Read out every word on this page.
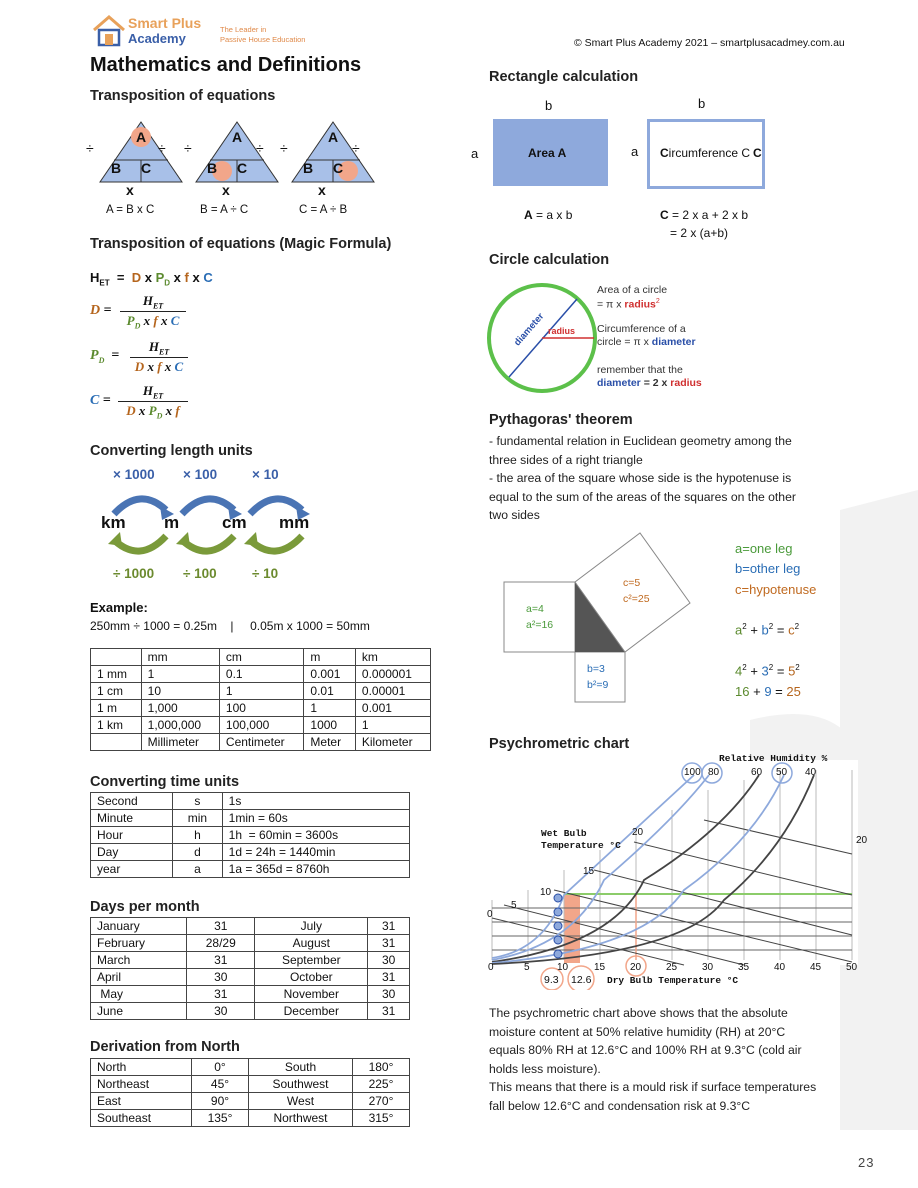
Smart Plus
Academy
The Leader in
Passive House Education	© Smart Plus Academy 2021 – smartplusacadmey.com.au
Mathematics and Definitions
Transposition of equations
A
B C
÷	÷
x
A = B x C
A
B C
÷	÷
x
B = A ÷ C
A
B C
÷	÷
x
C = A ÷ B
Transposition of equations (Magic Formula)
$H_{ET} = D$ x $P_D$ x f x C
D =
$H_{ET}$
$P_D$ x f x C
$P_D$ =
$H_{ET}$
D x f x C
C =
$H_{ET}$
D x $P_D$ x f
Converting length units
× 1000 × 100	× 10
km m	cm mm
÷ 1000 ÷ 100	÷ 10
Example:
250mm ÷ 1000 = 0.25m    |     0.05m x 1000 = 50mm
	mm	cm	m	km
1 mm	1	0.1	0.001	0.000001
1 cm	10	1	0.01	0.00001
1 m	1,000	100	1	0.001
1 km	1,000,000	100,000	1000	1
	Millimeter	Centimeter	Meter	Kilometer
Converting time units
Second	s	1s
Minute	min	1min = 60s
Hour	h	1h  = 60min = 3600s
Day	d	1d = 24h = 1440min
year	a	1a = 365d = 8760h
Days per month
January	31	July	31
February	28/29	August	31
March	31	September	30
April	30	October	31
May	31	November	30
June	30	December	31
Derivation from North
North	0°	South	180°
Northeast	45°	Southwest	225°
East	90°	West	270°
Southeast	135°	Northwest	315°
Rectangle calculation
b	b
a	a
Area A	Circumference C C
A = a x b	C = 2 x a + 2 x b
= 2 x (a+b)
Circle calculation
diameter radius
Area of a circle
= π x radius$^2$
Circumference of a
circle = π x diameter
remember that the
diameter = 2 x radius
Pythagoras' theorem
- fundamental relation in Euclidean geometry among the
three sides of a right triangle
- the area of the square whose side is the hypotenuse is
equal to the sum of the areas of the squares on the other
two sides
a=4
a²=16
b=3
b²=9
c=5
c²=25
a=one leg
b=other leg
c=hypotenuse
$a^2 + b^2 = c^2$
$4^2 + 3^2 = 5^2$
16 + 9 = 25
Psychrometric chart
Relative Humidity %
100 80	60 50 40
Wet Bulb
Temperature °C
20
15
10
5
0
20
0	5	10	15 20 25 30 35 40 45 50
9.3 12.6 Dry Bulb Temperature °C
The psychrometric chart above shows that the absolute
moisture content at 50% relative humidity (RH) at 20°C
equals 80% RH at 12.6°C and 100% RH at 9.3°C (cold air
holds less moisture).
This means that there is a mould risk if surface temperatures
fall below 12.6°C and condensation risk at 9.3°C
23
